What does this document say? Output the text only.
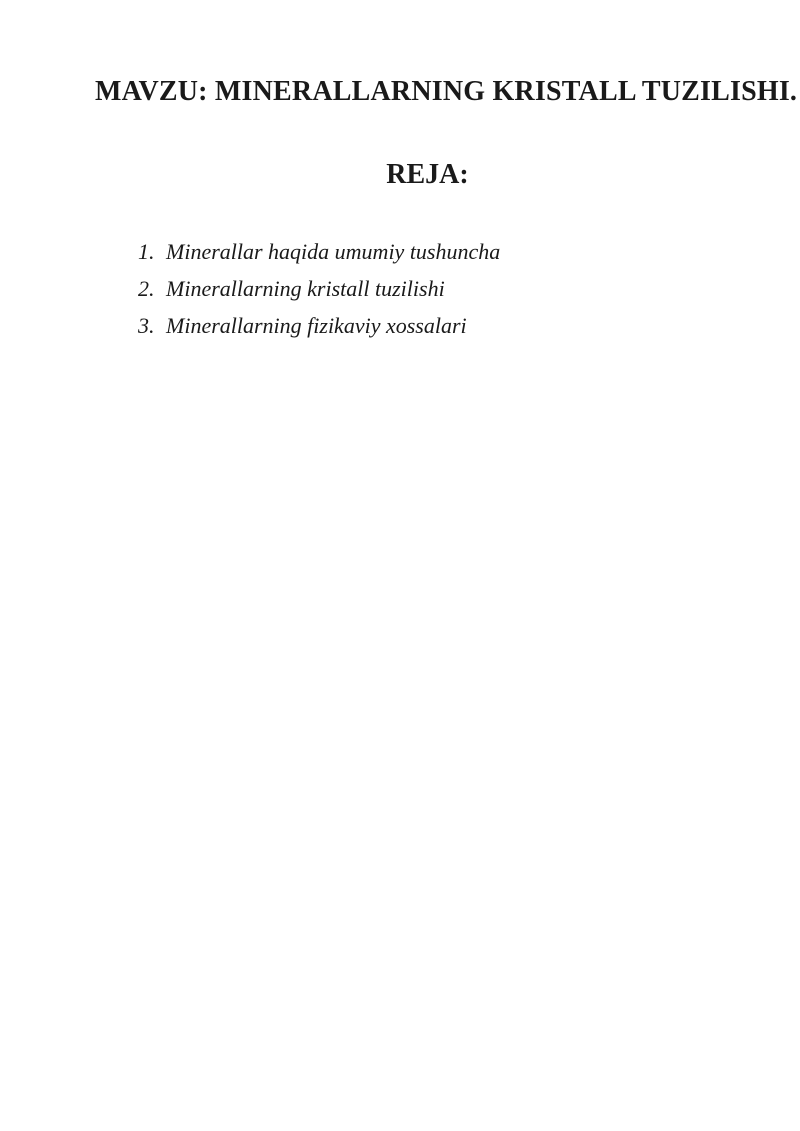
MAVZU: MINERALLARNING KRISTALL TUZILISHI.
REJA:
1. Minerallar haqida umumiy tushuncha
2. Minerallarning kristall tuzilishi
3. Minerallarning fizikaviy xossalari
